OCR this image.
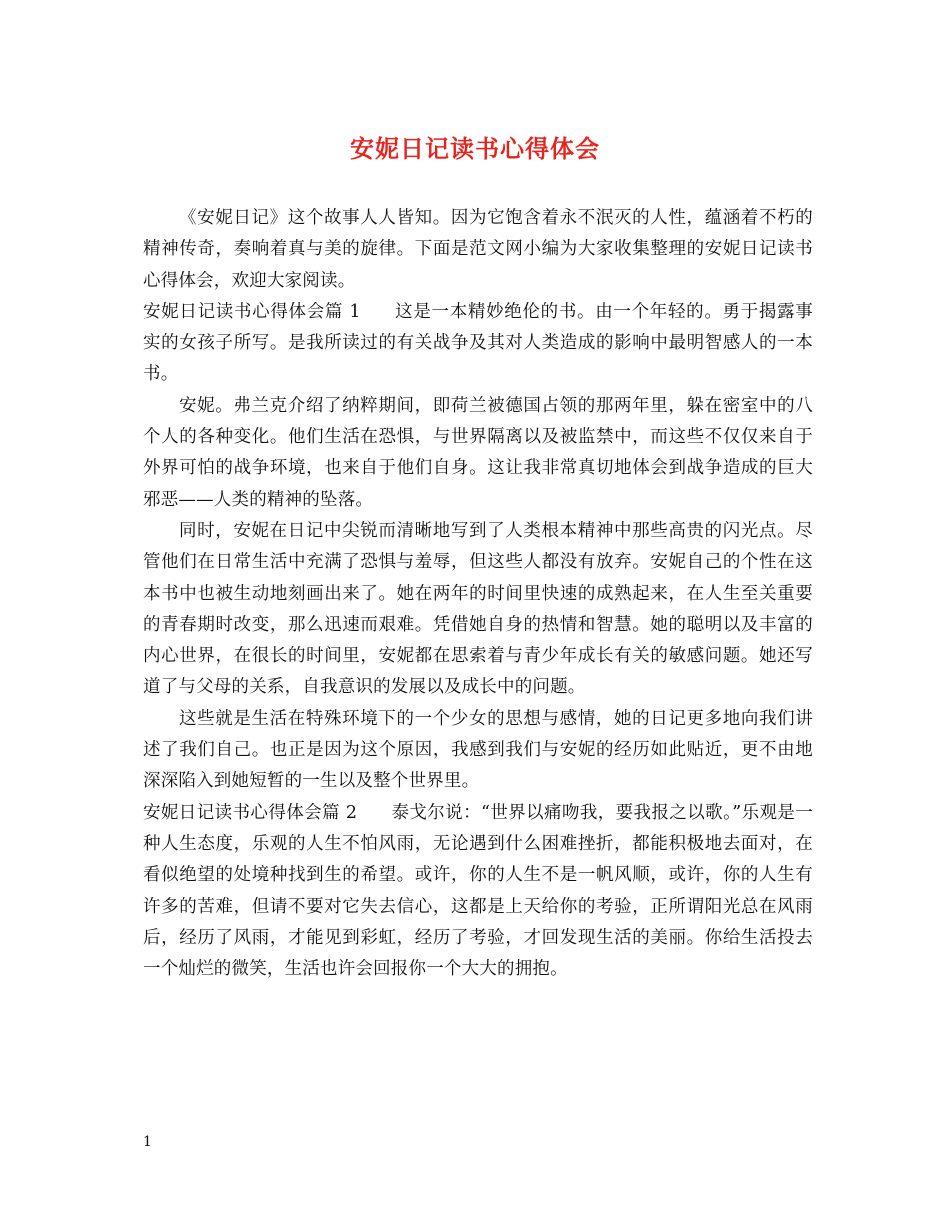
安妮日记读书心得体会

《安妮日记》这个故事人人皆知。因为它饱含着永不泯灭的人性，蕴涵着不朽的精神传奇，奏响着真与美的旋律。下面是范文网小编为大家收集整理的安妮日记读书心得体会，欢迎大家阅读。

安妮日记读书心得体会篇 1 这是一本精妙绝伦的书。由一个年轻的。勇于揭露事实的女孩子所写。是我所读过的有关战争及其对人类造成的影响中最明智感人的一本书。

安妮。弗兰克介绍了纳粹期间，即荷兰被德国占领的那两年里，躲在密室中的八个人的各种变化。他们生活在恐惧，与世界隔离以及被监禁中，而这些不仅仅来自于外界可怕的战争环境，也来自于他们自身。这让我非常真切地体会到战争造成的巨大邪恶——人类的精神的坠落。

同时，安妮在日记中尖锐而清晰地写到了人类根本精神中那些高贵的闪光点。尽管他们在日常生活中充满了恐惧与羞辱，但这些人都没有放弃。安妮自己的个性在这本书中也被生动地刻画出来了。她在两年的时间里快速的成熟起来，在人生至关重要的青春期时改变，那么迅速而艰难。凭借她自身的热情和智慧。她的聪明以及丰富的内心世界，在很长的时间里，安妮都在思索着与青少年成长有关的敏感问题。她还写道了与父母的关系，自我意识的发展以及成长中的问题。

这些就是生活在特殊环境下的一个少女的思想与感情，她的日记更多地向我们讲述了我们自己。也正是因为这个原因，我感到我们与安妮的经历如此贴近，更不由地深深陷入到她短暂的一生以及整个世界里。

安妮日记读书心得体会篇 2 泰戈尔说：“世界以痛吻我，要我报之以歌。”乐观是一种人生态度，乐观的人生不怕风雨，无论遇到什么困难挫折，都能积极地去面对，在看似绝望的处境种找到生的希望。或许，你的人生不是一帆风顺，或许，你的人生有许多的苦难，但请不要对它失去信心，这都是上天给你的考验，正所谓阳光总在风雨后，经历了风雨，才能见到彩虹，经历了考验，才回发现生活的美丽。你给生活投去一个灿烂的微笑，生活也许会回报你一个大大的拥抱。

1
